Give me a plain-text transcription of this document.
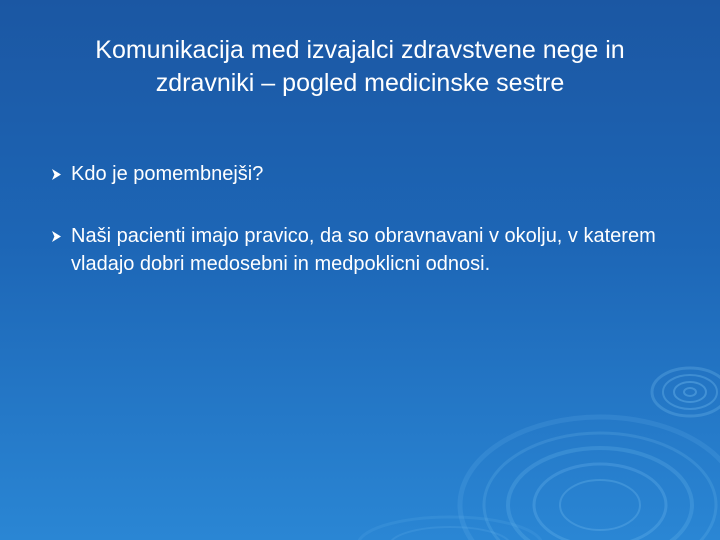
Komunikacija med izvajalci zdravstvene nege in
zdravniki – pogled medicinske sestre
Kdo je pomembnejši?
Naši pacienti imajo pravico, da so obravnavani v okolju, v katerem vladajo dobri medosebni in medpoklicni odnosi.
